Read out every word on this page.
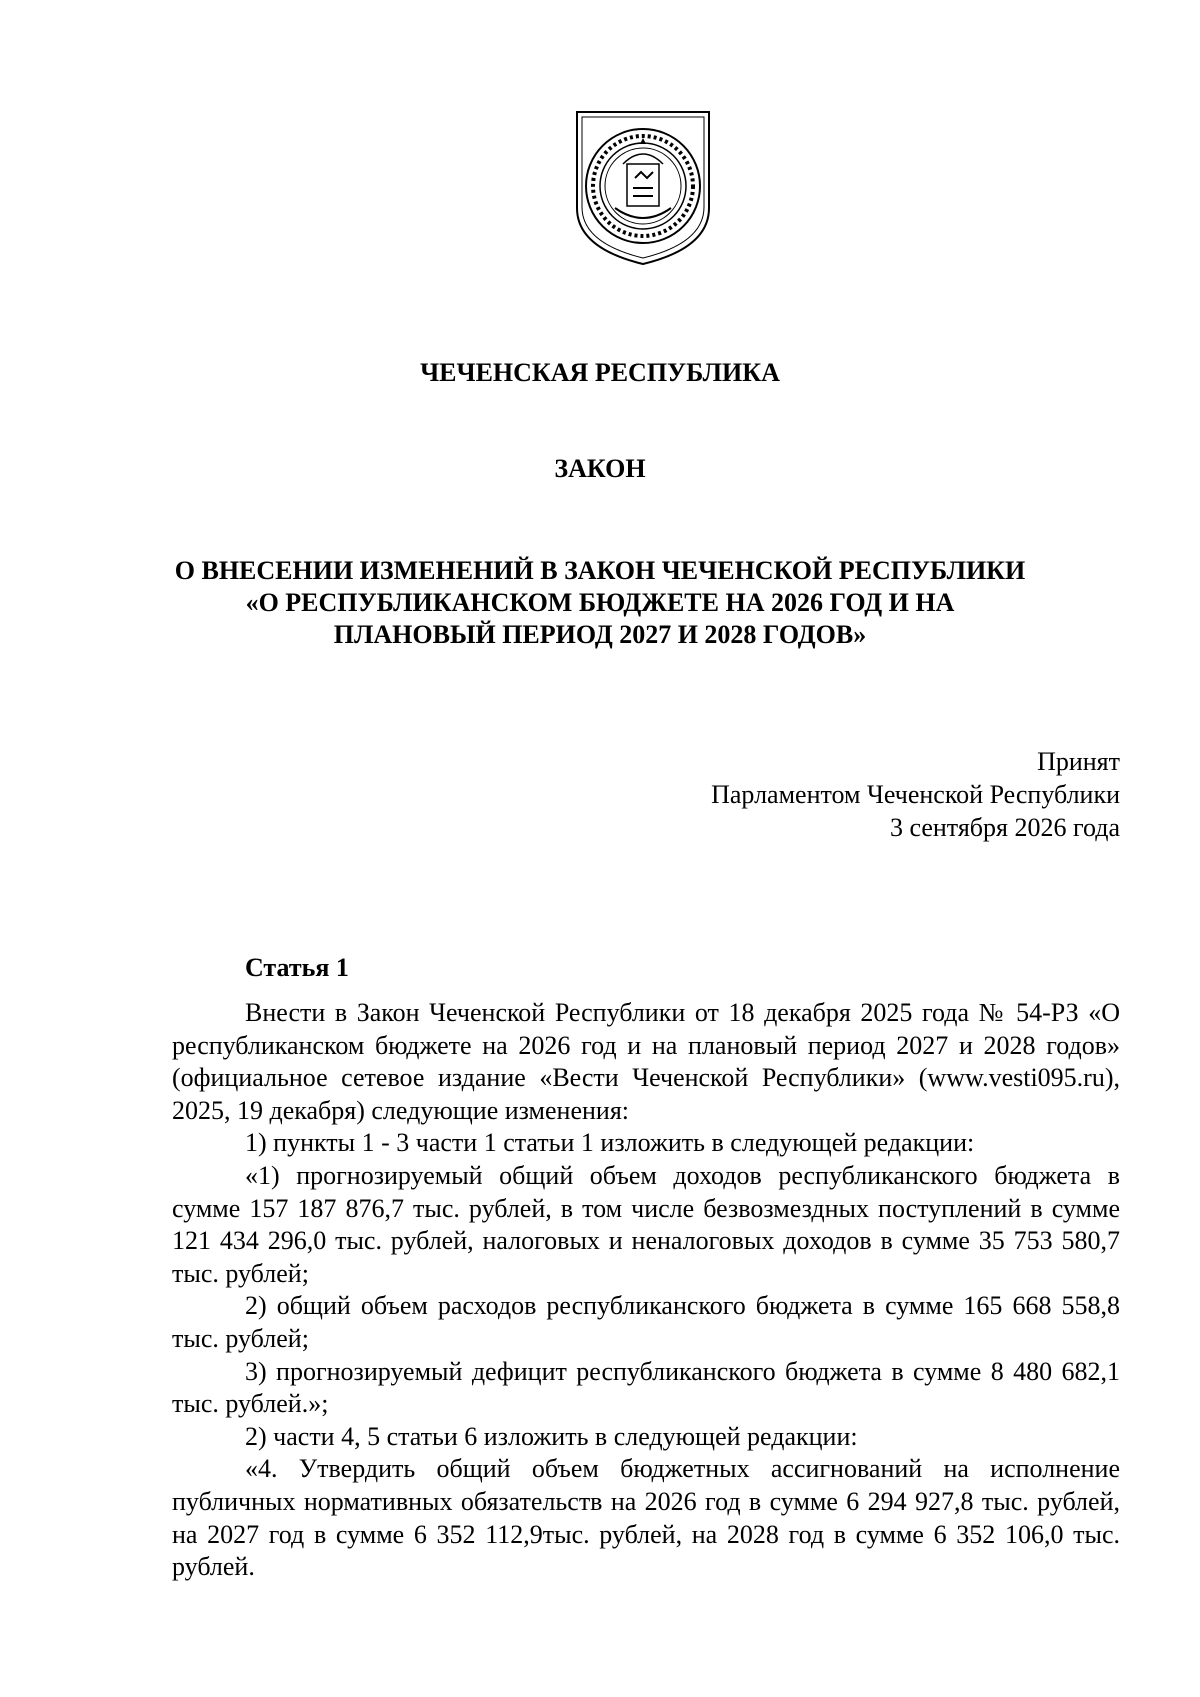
ЧЕЧЕНСКАЯ РЕСПУБЛИКА

ЗАКОН

О ВНЕСЕНИИ ИЗМЕНЕНИЙ В ЗАКОН ЧЕЧЕНСКОЙ РЕСПУБЛИКИ
«О РЕСПУБЛИКАНСКОМ БЮДЖЕТЕ НА 2026 ГОД И НА
ПЛАНОВЫЙ ПЕРИОД 2027 И 2028 ГОДОВ»

Принят
Парламентом Чеченской Республики
3 сентября 2026 года

Статья 1

Внести в Закон Чеченской Республики от 18 декабря 2025 года № 54-РЗ «О республиканском бюджете на 2026 год и на плановый период 2027 и 2028 годов» (официальное сетевое издание «Вести Чеченской Республики» (www.vesti095.ru), 2025, 19 декабря) следующие изменения:

1) пункты 1 - 3 части 1 статьи 1 изложить в следующей редакции:

«1) прогнозируемый общий объем доходов республиканского бюджета в сумме 157 187 876,7 тыс. рублей, в том числе безвозмездных поступлений в сумме 121 434 296,0 тыс. рублей, налоговых и неналоговых доходов в сумме 35 753 580,7 тыс. рублей;

2) общий объем расходов республиканского бюджета в сумме 165 668 558,8 тыс. рублей;

3) прогнозируемый дефицит республиканского бюджета в сумме 8 480 682,1 тыс. рублей.»;

2) части 4, 5 статьи 6 изложить в следующей редакции:

«4. Утвердить общий объем бюджетных ассигнований на исполнение публичных нормативных обязательств на 2026 год в сумме 6 294 927,8 тыс. рублей, на 2027 год в сумме 6 352 112,9тыс. рублей, на 2028 год в сумме 6 352 106,0 тыс. рублей.
